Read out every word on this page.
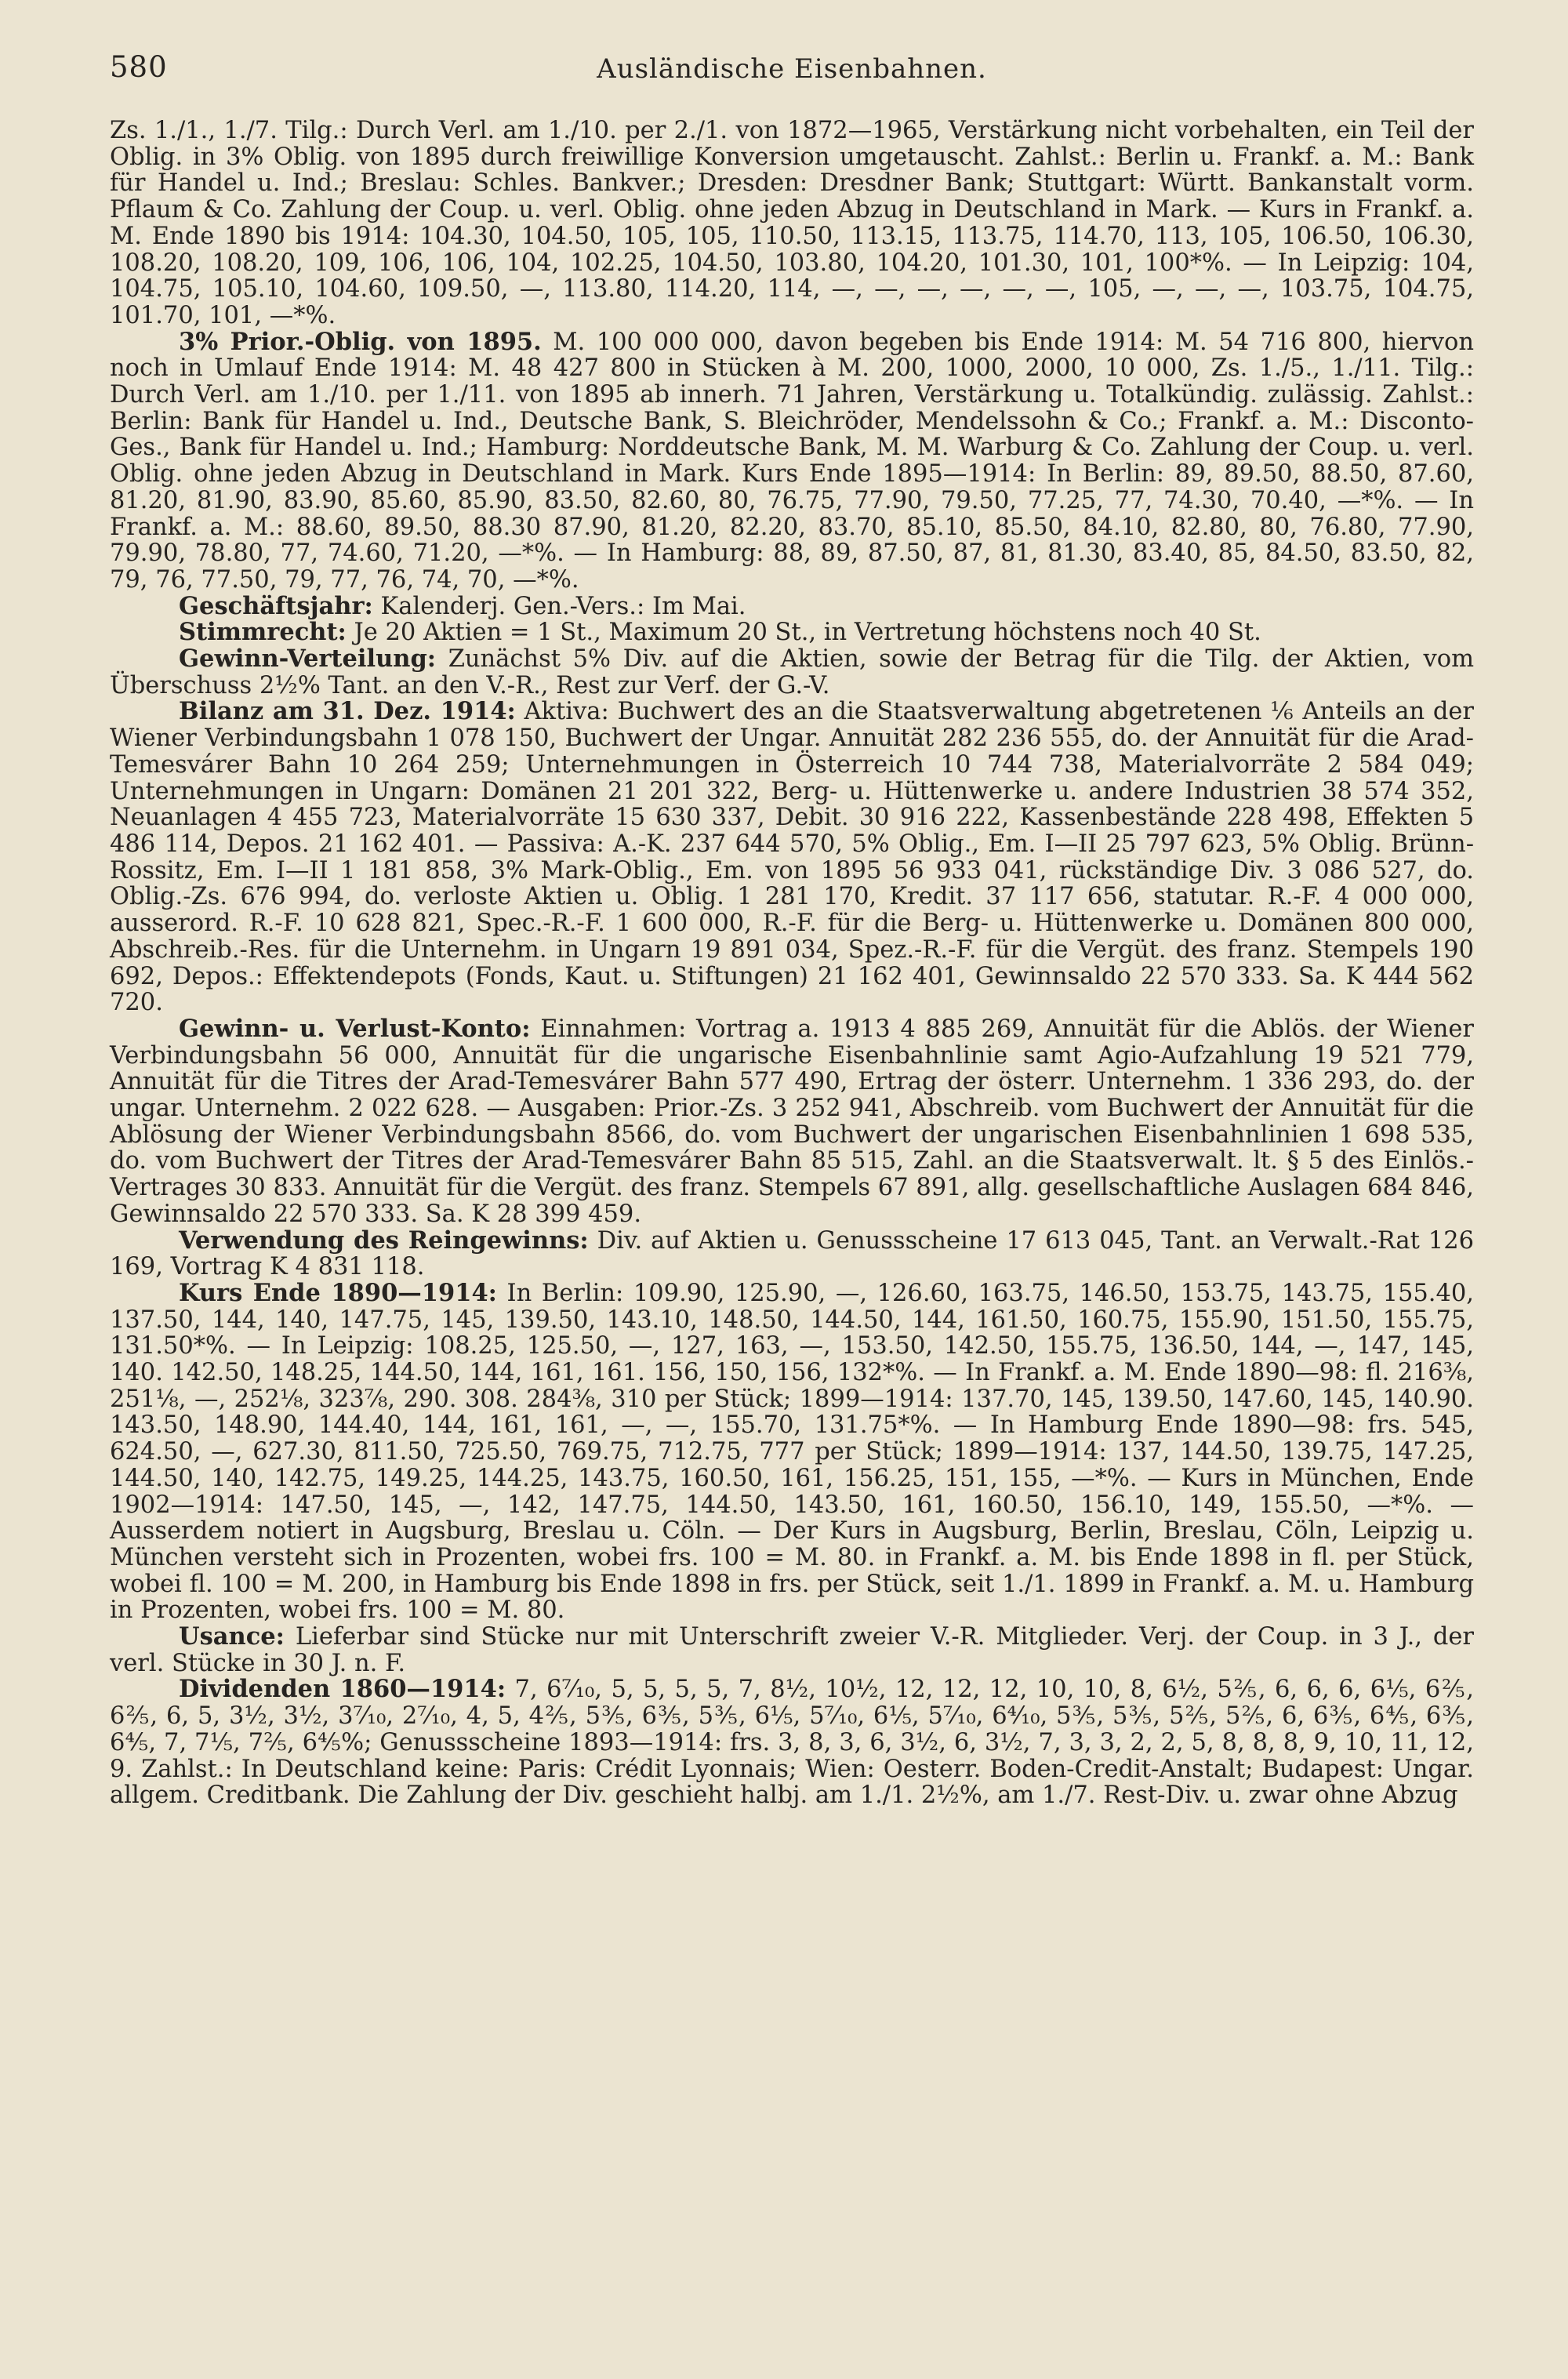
580	Ausländische Eisenbahnen.

Zs. 1./1., 1./7. Tilg.: Durch Verl. am 1./10. per 2./1. von 1872—1965, Verstärkung nicht vorbehalten, ein Teil der Oblig. in 3% Oblig. von 1895 durch freiwillige Konversion umgetauscht. Zahlst.: Berlin u. Frankf. a. M.: Bank für Handel u. Ind.; Breslau: Schles. Bankver.; Dresden: Dresdner Bank; Stuttgart: Württ. Bankanstalt vorm. Pflaum & Co. Zahlung der Coup. u. verl. Oblig. ohne jeden Abzug in Deutschland in Mark. — Kurs in Frankf. a. M. Ende 1890 bis 1914: 104.30, 104.50, 105, 105, 110.50, 113.15, 113.75, 114.70, 113, 105, 106.50, 106.30, 108.20, 108.20, 109, 106, 106, 104, 102.25, 104.50, 103.80, 104.20, 101.30, 101, 100*%. — In Leipzig: 104, 104.75, 105.10, 104.60, 109.50, —, 113.80, 114.20, 114, —, —, —, —, —, —, 105, —, —, —, 103.75, 104.75, 101.70, 101, —*%.

3% Prior.-Oblig. von 1895. M. 100 000 000, davon begeben bis Ende 1914: M. 54 716 800, hiervon noch in Umlauf Ende 1914: M. 48 427 800 in Stücken à M. 200, 1000, 2000, 10 000, Zs. 1./5., 1./11. Tilg.: Durch Verl. am 1./10. per 1./11. von 1895 ab innerh. 71 Jahren, Verstärkung u. Totalkündig. zulässig. Zahlst.: Berlin: Bank für Handel u. Ind., Deutsche Bank, S. Bleichröder, Mendelssohn & Co.; Frankf. a. M.: Disconto-Ges., Bank für Handel u. Ind.; Hamburg: Norddeutsche Bank, M. M. Warburg & Co. Zahlung der Coup. u. verl. Oblig. ohne jeden Abzug in Deutschland in Mark. Kurs Ende 1895—1914: In Berlin: 89, 89.50, 88.50, 87.60, 81.20, 81.90, 83.90, 85.60, 85.90, 83.50, 82.60, 80, 76.75, 77.90, 79.50, 77.25, 77, 74.30, 70.40, —*%. — In Frankf. a. M.: 88.60, 89.50, 88.30 87.90, 81.20, 82.20, 83.70, 85.10, 85.50, 84.10, 82.80, 80, 76.80, 77.90, 79.90, 78.80, 77, 74.60, 71.20, —*%. — In Hamburg: 88, 89, 87.50, 87, 81, 81.30, 83.40, 85, 84.50, 83.50, 82, 79, 76, 77.50, 79, 77, 76, 74, 70, —*%.

Geschäftsjahr: Kalenderj. Gen.-Vers.: Im Mai.

Stimmrecht: Je 20 Aktien = 1 St., Maximum 20 St., in Vertretung höchstens noch 40 St.

Gewinn-Verteilung: Zunächst 5% Div. auf die Aktien, sowie der Betrag für die Tilg. der Aktien, vom Überschuss 2½% Tant. an den V.-R., Rest zur Verf. der G.-V.

Bilanz am 31. Dez. 1914: Aktiva: Buchwert des an die Staatsverwaltung abgetretenen ⅙ Anteils an der Wiener Verbindungsbahn 1 078 150, Buchwert der Ungar. Annuität 282 236 555, do. der Annuität für die Arad-Temesvárer Bahn 10 264 259; Unternehmungen in Österreich 10 744 738, Materialvorräte 2 584 049; Unternehmungen in Ungarn: Domänen 21 201 322, Berg- u. Hüttenwerke u. andere Industrien 38 574 352, Neuanlagen 4 455 723, Materialvorräte 15 630 337, Debit. 30 916 222, Kassenbestände 228 498, Effekten 5 486 114, Depos. 21 162 401. — Passiva: A.-K. 237 644 570, 5% Oblig., Em. I—II 25 797 623, 5% Oblig. Brünn-Rossitz, Em. I—II 1 181 858, 3% Mark-Oblig., Em. von 1895 56 933 041, rückständige Div. 3 086 527, do. Oblig.-Zs. 676 994, do. verloste Aktien u. Oblig. 1 281 170, Kredit. 37 117 656, statutar. R.-F. 4 000 000, ausserord. R.-F. 10 628 821, Spec.-R.-F. 1 600 000, R.-F. für die Berg- u. Hüttenwerke u. Domänen 800 000, Abschreib.-Res. für die Unternehm. in Ungarn 19 891 034, Spez.-R.-F. für die Vergüt. des franz. Stempels 190 692, Depos.: Effektendepots (Fonds, Kaut. u. Stiftungen) 21 162 401, Gewinnsaldo 22 570 333. Sa. K 444 562 720.

Gewinn- u. Verlust-Konto: Einnahmen: Vortrag a. 1913 4 885 269, Annuität für die Ablös. der Wiener Verbindungsbahn 56 000, Annuität für die ungarische Eisenbahnlinie samt Agio-Aufzahlung 19 521 779, Annuität für die Titres der Arad-Temesvárer Bahn 577 490, Ertrag der österr. Unternehm. 1 336 293, do. der ungar. Unternehm. 2 022 628. — Ausgaben: Prior.-Zs. 3 252 941, Abschreib. vom Buchwert der Annuität für die Ablösung der Wiener Verbindungsbahn 8566, do. vom Buchwert der ungarischen Eisenbahnlinien 1 698 535, do. vom Buchwert der Titres der Arad-Temesvárer Bahn 85 515, Zahl. an die Staatsverwalt. lt. § 5 des Einlös.-Vertrages 30 833. Annuität für die Vergüt. des franz. Stempels 67 891, allg. gesellschaftliche Auslagen 684 846, Gewinnsaldo 22 570 333. Sa. K 28 399 459.

Verwendung des Reingewinns: Div. auf Aktien u. Genussscheine 17 613 045, Tant. an Verwalt.-Rat 126 169, Vortrag K 4 831 118.

Kurs Ende 1890—1914: In Berlin: 109.90, 125.90, —, 126.60, 163.75, 146.50, 153.75, 143.75, 155.40, 137.50, 144, 140, 147.75, 145, 139.50, 143.10, 148.50, 144.50, 144, 161.50, 160.75, 155.90, 151.50, 155.75, 131.50*%. — In Leipzig: 108.25, 125.50, —, 127, 163, —, 153.50, 142.50, 155.75, 136.50, 144, —, 147, 145, 140. 142.50, 148.25, 144.50, 144, 161, 161. 156, 150, 156, 132*%. — In Frankf. a. M. Ende 1890—98: fl. 216⅜, 251⅛, —, 252⅛, 323⅞, 290. 308. 284⅜, 310 per Stück; 1899—1914: 137.70, 145, 139.50, 147.60, 145, 140.90. 143.50, 148.90, 144.40, 144, 161, 161, —, —, 155.70, 131.75*%. — In Hamburg Ende 1890—98: frs. 545, 624.50, —, 627.30, 811.50, 725.50, 769.75, 712.75, 777 per Stück; 1899—1914: 137, 144.50, 139.75, 147.25, 144.50, 140, 142.75, 149.25, 144.25, 143.75, 160.50, 161, 156.25, 151, 155, —*%. — Kurs in München, Ende 1902—1914: 147.50, 145, —, 142, 147.75, 144.50, 143.50, 161, 160.50, 156.10, 149, 155.50, —*%. — Ausserdem notiert in Augsburg, Breslau u. Cöln. — Der Kurs in Augsburg, Berlin, Breslau, Cöln, Leipzig u. München versteht sich in Prozenten, wobei frs. 100 = M. 80. in Frankf. a. M. bis Ende 1898 in fl. per Stück, wobei fl. 100 = M. 200, in Hamburg bis Ende 1898 in frs. per Stück, seit 1./1. 1899 in Frankf. a. M. u. Hamburg in Prozenten, wobei frs. 100 = M. 80.

Usance: Lieferbar sind Stücke nur mit Unterschrift zweier V.-R. Mitglieder. Verj. der Coup. in 3 J., der verl. Stücke in 30 J. n. F.

Dividenden 1860—1914: 7, 6⁷⁄₁₀, 5, 5, 5, 5, 7, 8½, 10½, 12, 12, 12, 10, 10, 8, 6½, 5⅖, 6, 6, 6, 6⅕, 6⅖, 6⅖, 6, 5, 3½, 3½, 3⁷⁄₁₀, 2⁷⁄₁₀, 4, 5, 4⅖, 5⅗, 6⅗, 5⅗, 6⅕, 5⁷⁄₁₀, 6⅕, 5⁷⁄₁₀, 6⁴⁄₁₀, 5⅗, 5⅗, 5⅖, 5⅖, 6, 6⅗, 6⅘, 6⅗, 6⅘, 7, 7⅕, 7⅖, 6⅘%; Genussscheine 1893—1914: frs. 3, 8, 3, 6, 3½, 6, 3½, 7, 3, 3, 2, 2, 5, 8, 8, 8, 9, 10, 11, 12, 9. Zahlst.: In Deutschland keine: Paris: Crédit Lyonnais; Wien: Oesterr. Boden-Credit-Anstalt; Budapest: Ungar. allgem. Creditbank. Die Zahlung der Div. geschieht halbj. am 1./1. 2½%, am 1./7. Rest-Div. u. zwar ohne Abzug
